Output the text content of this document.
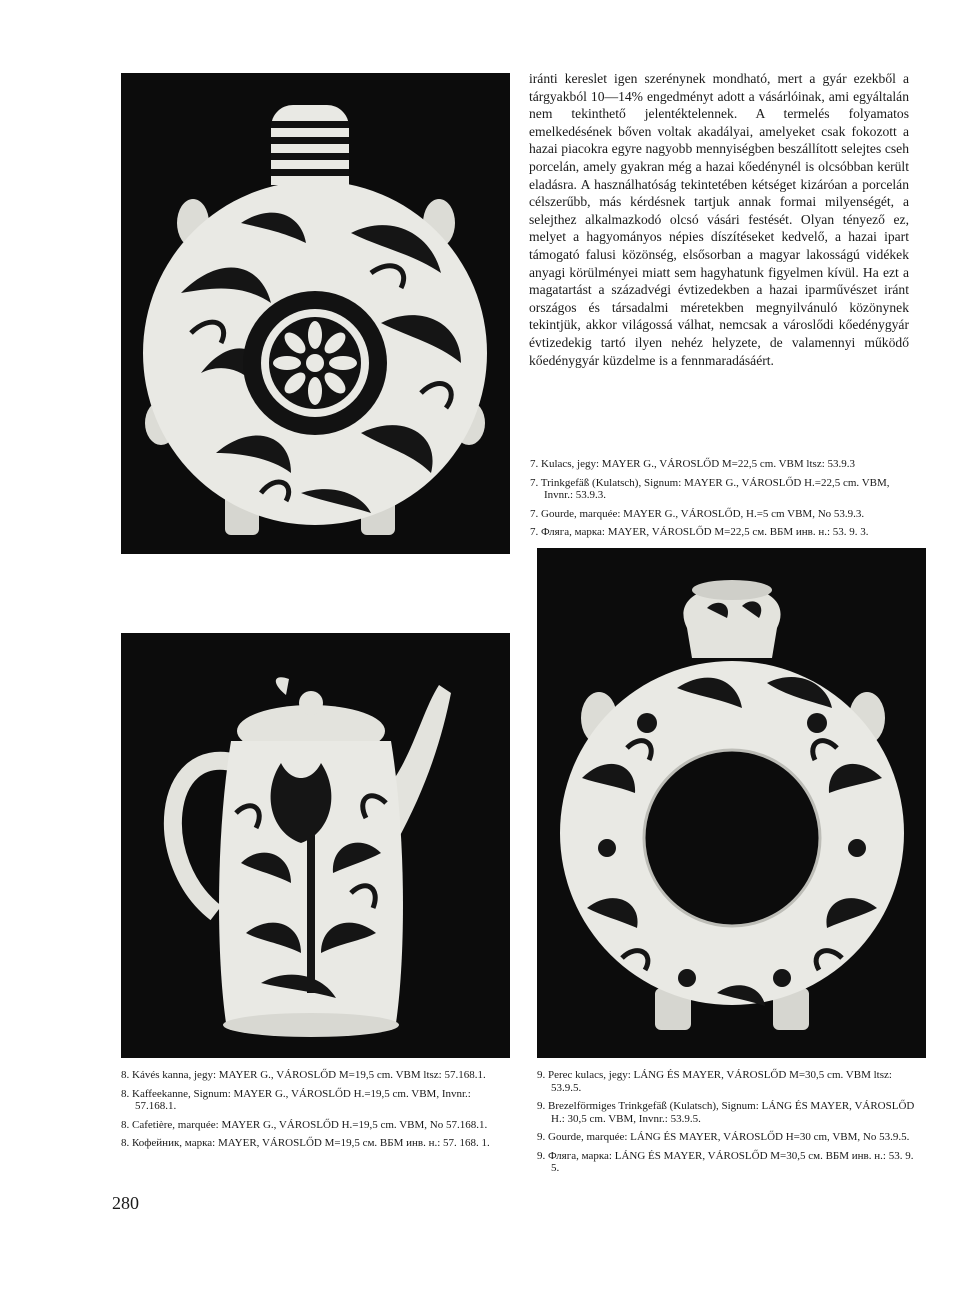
iránti kereslet igen szerénynek mondható, mert a gyár ezekből a tárgyakból 10—14% engedményt adott a vásárlóinak, ami egyáltalán nem tekinthető jelentéktelennek. A termelés folyamatos emelkedésének bőven voltak akadályai, amelyeket csak fokozott a hazai piacokra egyre nagyobb mennyiségben beszállított selejtes cseh porcelán, amely gyakran még a hazai kőedénynél is olcsóbban került eladásra. A használhatóság tekintetében kétséget kizáróan a porcelán célszerűbb, más kérdésnek tartjuk annak formai milyenségét, a selejthez alkalmazkodó olcsó vásári festését. Olyan tényező ez, melyet a hagyományos népies díszítéseket kedvelő, a hazai ipart támogató falusi közönség, elsősorban a magyar lakosságú vidékek anyagi körülményei miatt sem hagyhatunk figyelmen kívül. Ha ezt a magatartást a századvégi évtizedekben a hazai iparművészet iránt országos és társadalmi méretekben megnyilvánuló közönynek tekintjük, akkor világossá válhat, nemcsak a városlődi kőedénygyár évtizedekig tartó ilyen nehéz helyzete, de valamennyi működő kőedénygyár küzdelme is a fennmaradásáért.

7. Kulacs, jegy: MAYER G., VÁROSLŐD M=22,5 cm. VBM ltsz: 53.9.3
7. Trinkgefäß (Kulatsch), Signum: MAYER G., VÁROSLŐD H.=22,5 cm. VBM, Invnr.: 53.9.3.
7. Gourde, marquée: MAYER G., VÁROSLŐD, H.=5 cm VBM, No 53.9.3.
7. Фляга, марка: MAYER, VÁROSLŐD M=22,5 см. ВБМ инв. н.: 53. 9. 3.
8. Kávés kanna, jegy: MAYER G., VÁROSLŐD M=19,5 cm. VBM ltsz: 57.168.1.
8. Kaffeekanne, Signum: MAYER G., VÁROSLŐD H.=19,5 cm. VBM, Invnr.: 57.168.1.
8. Cafetière, marquée: MAYER G., VÁROSLŐD H.=19,5 cm. VBM, No 57.168.1.
8. Кофейник, марка: MAYER, VÁROSLŐD M=19,5 см. ВБМ инв. н.: 57. 168. 1.
9. Perec kulacs, jegy: LÁNG ÉS MAYER, VÁROSLŐD M=30,5 cm. VBM ltsz: 53.9.5.
9. Brezelförmiges Trinkgefäß (Kulatsch), Signum: LÁNG ÉS MAYER, VÁROSLŐD H.: 30,5 cm. VBM, Invnr.: 53.9.5.
9. Gourde, marquée: LÁNG ÉS MAYER, VÁROSLŐD H=30 cm, VBM, No 53.9.5.
9. Фляга, марка: LÁNG ÉS MAYER, VÁROSLŐD M=30,5 см. ВБМ инв. н.: 53. 9. 5.
280
